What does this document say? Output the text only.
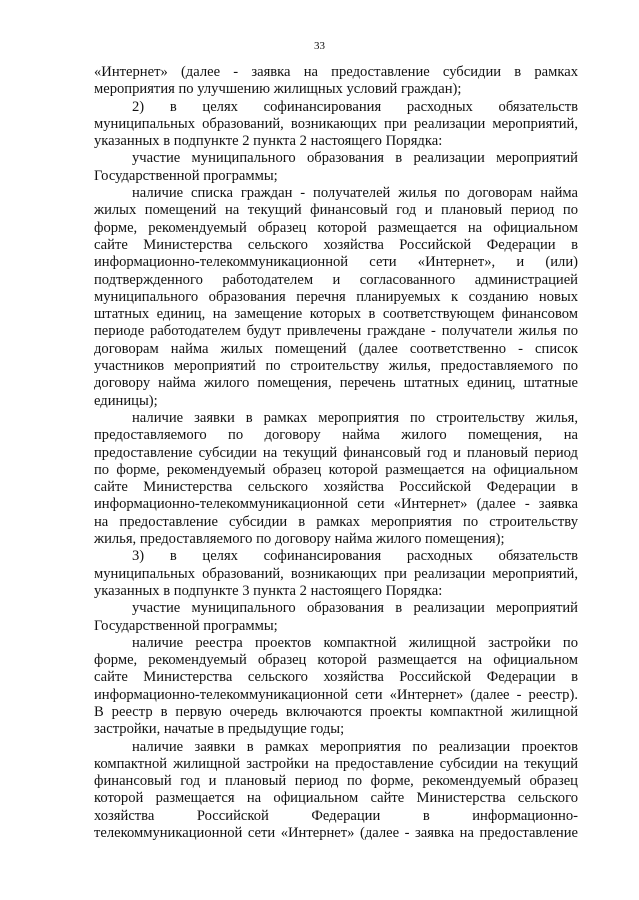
33

«Интернет» (далее - заявка на предоставление субсидии в рамках

мероприятия по улучшению жилищных условий граждан);

2) в целях софинансирования расходных обязательств

муниципальных образований, возникающих при реализации мероприятий,

указанных в подпункте 2 пункта 2 настоящего Порядка:

участие муниципального образования в реализации мероприятий

Государственной программы;

наличие списка граждан - получателей жилья по договорам найма

жилых помещений на текущий финансовый год и плановый период по

форме, рекомендуемый образец которой размещается на официальном

сайте Министерства сельского хозяйства Российской Федерации в

информационно-телекоммуникационной сети «Интернет», и (или)

подтвержденного работодателем и согласованного администрацией

муниципального образования перечня планируемых к созданию новых

штатных единиц, на замещение которых в соответствующем финансовом

периоде работодателем будут привлечены граждане - получатели жилья по

договорам найма жилых помещений (далее соответственно - список

участников мероприятий по строительству жилья, предоставляемого по

договору найма жилого помещения, перечень штатных единиц, штатные

единицы);

наличие заявки в рамках мероприятия по строительству жилья,

предоставляемого по договору найма жилого помещения, на

предоставление субсидии на текущий финансовый год и плановый период

по форме, рекомендуемый образец которой размещается на официальном

сайте Министерства сельского хозяйства Российской Федерации в

информационно-телекоммуникационной сети «Интернет» (далее - заявка

на предоставление субсидии в рамках мероприятия по строительству

жилья, предоставляемого по договору найма жилого помещения);

3) в целях софинансирования расходных обязательств

муниципальных образований, возникающих при реализации мероприятий,

указанных в подпункте 3 пункта 2 настоящего Порядка:

участие муниципального образования в реализации мероприятий

Государственной программы;

наличие реестра проектов компактной жилищной застройки по

форме, рекомендуемый образец которой размещается на официальном

сайте Министерства сельского хозяйства Российской Федерации в

информационно-телекоммуникационной сети «Интернет» (далее - реестр).

В реестр в первую очередь включаются проекты компактной жилищной

застройки, начатые в предыдущие годы;

наличие заявки в рамках мероприятия по реализации проектов

компактной жилищной застройки на предоставление субсидии на текущий

финансовый год и плановый период по форме, рекомендуемый образец

которой размещается на официальном сайте Министерства сельского

хозяйства Российской Федерации в информационно-

телекоммуникационной сети «Интернет» (далее - заявка на предоставление
